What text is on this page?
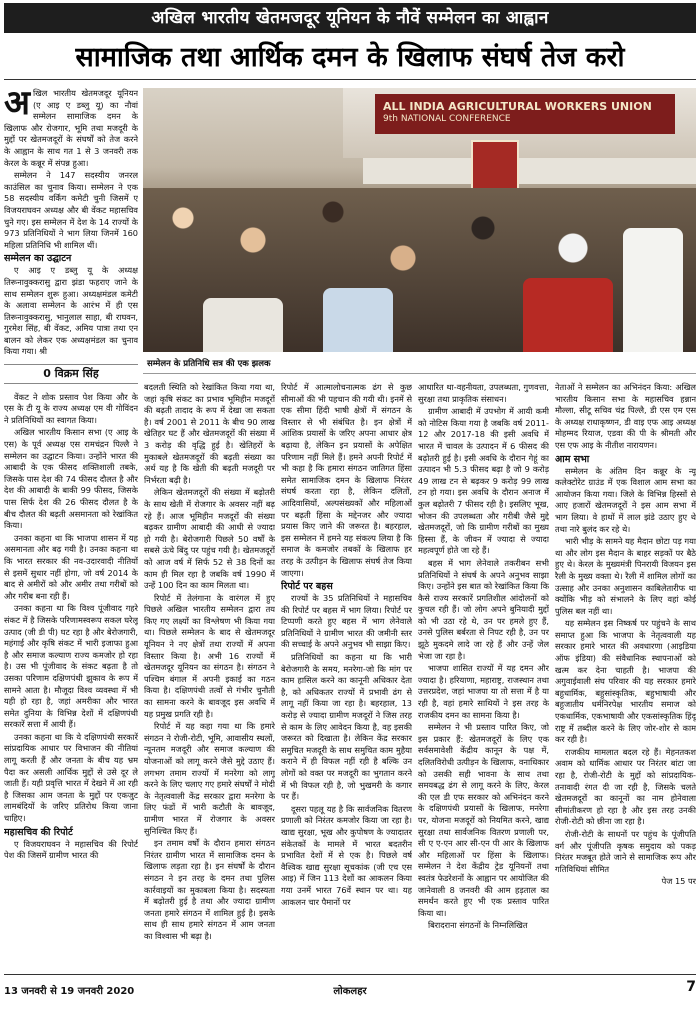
अखिल भारतीय खेतमजदूर यूनियन के नौवें सम्मेलन का आह्वान
सामाजिक तथा आर्थिक दमन के खिलाफ संघर्ष तेज करो

अखिल भारतीय खेतमजदूर यूनियन (ए आइ ए डब्लु यू) का नौवां सम्मेलन सामाजिक दमन के खिलाफ और रोजगार, भूमि तथा मजदूरी के मुद्दों पर खेतमजदूरों के संघर्षों को तेज करने के आह्वान के साथ गत 1 से 3 जनवरी तक केरल के कन्नूर में संपन्न हुआ।

सम्मेलन ने 147 सदस्यीय जनरल काउंसिल का चुनाव किया। सम्मेलन ने एक 58 सदस्यीय वर्किंग कमेटी चुनी जिसमें ए विजयराघवन अध्यक्ष और बी वेंकट महासचिव चुने गए। इस सम्मेलन में देश के 14 राज्यों के 973 प्रतिनिधियों ने भाग लिया जिनमें 160 महिला प्रतिनिधि भी शामिल थीं।

सम्मेलन का उद्घाटन

ए आइ ए डब्लु यू के अध्यक्ष तिरूनावुक्करासु द्वारा झंडा फहराए जाने के साथ सम्मेलन शुरू हुआ। अध्यक्षमंडल कमेटी के अलावा सम्मेलन के आरंभ में ही एस तिरूनावुक्करासु, भानुलाल साहा, बी राघवन, गुरमेश सिंह, बी वेंकट, अमिय पात्रा तथा एन बालन को लेकर एक अध्यक्षमंडल का चुनाव किया गया। श्री

0 विक्रम सिंह

वेंकट ने शोक प्रस्ताव पेश किया और के एस के टी यू के राज्य अध्यक्ष एम वी गोविंदन ने प्रतिनिधियों का स्वागत किया।

अखिल भारतीय किसान सभा (ए आइ के एस) के पूर्व अध्यक्ष एस रामचंद्रन पिल्लै ने सम्मेलन का उद्घाटन किया। उन्होंने भारत की आबादी के एक फीसद शक्तिशाली तबके, जिसके पास देश की 74 फीसद दौलत है और देश की आबादी के बाकी 99 फीसद, जिसके पास सिर्फ देश की 26 फीसद दौलत है के बीच दौलत की बढ़ती असमानता को रेखांकित किया।

उनका कहना था कि भाजपा शासन में यह असमानता और बढ़ गयी है। उनका कहना था कि भारत सरकार की नव-उदारवादी नीतियों से इसमें सुधार नहीं होगा, जो वर्ष 2014 के बाद से अमीरों को और अमीर तथा गरीबों को और गरीब बना रही हैं।

उनका कहना था कि विश्व पूंजीवाद गहरे संकट में है जिसके परिणामस्वरूप सकल घरेलू उत्पाद (जी डी पी) घट रहा है और बेरोजगारी, महंगाई और कृषि संकट में भारी इजाफा हुआ है और समाज कल्याण राज्य कमजोर हो रहा है। उस भी पूंजीवाद के संकट बढ़ता है तो उसका परिणाम दक्षिणपंथी झुकाव के रूप में सामने आता है। मौजूदा विश्व व्यवस्था में भी यही हो रहा है, जहां अमरीका और भारत समेत दुनिया के विभिन्न देशों में दक्षिणपंथी सरकारें सत्ता में आयी हैं।

उनका कहना था कि ये दक्षिणपंथी सरकारें सांप्रदायिक आधार पर विभाजन की नीतियां लागू करती हैं और जनता के बीच यह भ्रम पैदा कर असली आर्थिक मुद्दों से उसे दूर ले जाती हैं। यही प्रवृत्ति भारत में देखने में आ रही है जिसका आम जनता के मुद्दों पर एकजुट लामबंदियों के जरिए प्रतिरोध किया जाना चाहिए।

महासचिव की रिपोर्ट

ए विजयराघवन ने महासचिव की रिपोर्ट पेश की जिसमें ग्रामीण भारत की

ALL INDIA AGRICULTURAL WORKERS UNION
9th NATIONAL CONFERENCE
सम्मेलन के प्रतिनिधि सत्र की एक झलक

बदलती स्थिति को रेखांकित किया गया था, जहां कृषि संकट का प्रभाव भूमिहीन मजदूरों की बढ़ती तादाद के रूप में देखा जा सकता है। वर्ष 2001 से 2011 के बीच 90 लाख खेतिहर घट हैं और खेतमजदूरों की संख्या में 3 करोड़ की वृद्धि हुई है। खेतिहरों के मुकाबले खेतमजदूरों की बढ़ती संख्या का अर्थ यह है कि खेती की बढ़ती मजदूरी पर निर्भरता बढ़ी है।

लेकिन खेतमजदूरों की संख्या में बढ़ोतरी के साथ खेती में रोजगार के अवसर नहीं बढ़ रहे हैं। आज भूमिहीन मजदूरों की संख्या बढ़कर ग्रामीण आबादी की आधी से ज्यादा हो गयी है। बेरोजगारी पिछले 50 वर्षों के सबसे ऊंचे बिंदु पर पहुंच गयी है। खेतमजदूरों को आज वर्ष में सिर्फ 52 से 38 दिनों का काम ही मिल रहा है जबकि वर्ष 1990 में उन्हें 100 दिन का काम मिलता था।

रिपोर्ट में तेलंगाना के वारंगल में हुए पिछले अखिल भारतीय सम्मेलन द्वारा तय किए गए लक्ष्यों का विश्लेषण भी किया गया था। पिछले सम्मेलन के बाद से खेतमजदूर यूनियन ने नए क्षेत्रों तथा राज्यों में अपना विस्तार किया है। अभी 16 राज्यों में खेतमजदूर यूनियन का संगठन है। संगठन ने पश्चिम बंगाल में अपनी इकाई का गठन किया है। दक्षिणपंथी तत्वों से गंभीर चुनौती का सामना करने के बावजूद इस अवधि में यह प्रमुख प्रगति रही है।

रिपोर्ट में यह कहा गया था कि हमारे संगठन ने रोजी-रोटी, भूमि, आवासीय स्थलों, न्यूनतम मजदूरी और समाज कल्याण की योजनाओं को लागू करने जैसे मुद्दे उठाए हैं। लगभग तमाम राज्यों में मनरेगा को लागू करने के लिए चलाए गए हमारे संघर्षों ने मोदी के नेतृत्ववाली केंद्र सरकार द्वारा मनरेगा के लिए फंडों में भारी कटौती के बावजूद, ग्रामीण भारत में रोजगार के अवसर सुनिश्चित किए हैं।

इन तमाम वर्षों के दौरान हमारा संगठन निरंतर ग्रामीण भारत में सामाजिक दमन के खिलाफ लड़ता रहा है। इन संघर्षों के दौरान संगठन ने इन तरह के दमन तथा पुलिस कार्रवाइयों का मुकाबला किया है। सदस्यता में बढ़ोतरी हुई है तथा और ज्यादा ग्रामीण जनता हमारे संगठन में शामिल हुई है। इसके साथ ही साथ हमारे संगठन में आम जनता का विश्वास भी बढ़ा है।

रिपोर्ट में आत्मालोचनात्मक ढंग से कुछ सीमाओं की भी पहचान की गयी थी। इनमें से एक सीमा हिंदी भाषी क्षेत्रों में संगठन के विस्तार से भी संबंधित है। इन क्षेत्रों में आंशिक प्रयासों के जरिए अपना आधार क्षेत्र बढ़ाया है, लेकिन इन प्रयासों के अपेक्षित परिणाम नहीं मिले हैं। हमने अपनी रिपोर्ट में भी कहा है कि हमारा संगठन जातिगत हिंसा समेत सामाजिक दमन के खिलाफ निरंतर संघर्ष करता रहा है, लेकिन दलितों, आदिवासियों, अल्पसंख्यकों और महिलाओं पर बढ़ती हिंसा के मद्देनजर और ज्यादा प्रयास किए जाने की जरूरत है। बहरहाल, इस सम्मेलन में हमने यह संकल्प लिया है कि समाज के कमजोर तबकों के खिलाफ हर तरह के उत्पीड़न के खिलाफ संघर्ष तेज किया जाएगा।

रिपोर्ट पर बहस

राज्यों के 35 प्रतिनिधियों ने महासचिव की रिपोर्ट पर बहस में भाग लिया। रिपोर्ट पर टिप्पणी करते हुए बहस में भाग लेनेवाले प्रतिनिधियों ने ग्रामीण भारत की जमीनी स्तर की सच्चाई के अपने अनुभव भी साझा किए।

प्रतिनिधियों का कहना था कि भारी बेरोजगारी के समय, मनरेगा-जो कि मांग पर काम हासिल करने का कानूनी अधिकार देता है, को अधिकतर राज्यों में प्रभावी ढंग से लागू नहीं किया जा रहा है। बहरहाल, 13 करोड़ से ज्यादा ग्रामीण मजदूरों ने जिस तरह से काम के लिए आवेदन किया है, वह इसकी जरूरत को दिखाता है। लेकिन केंद्र सरकार समुचित मजदूरी के साथ समुचित काम मुहैया कराने में ही विफल नहीं रही है बल्कि उन लोगों को वक्त पर मजदूरी का भुगतान करने में भी विफल रही है, जो भुखमरी के कगार पर हैं।

दूसरा पहलू यह है कि सार्वजनिक वितरण प्रणाली को निरंतर कमजोर किया जा रहा है। खाद्य सुरक्षा, भूख और कुपोषण के ज्यादातर संकेतकों के मामले में भारत बदतरीन प्रभावित देशों में से एक है। पिछले वर्ष वैश्विक खाद्य सुरक्षा सूचकांक (जी एच एस आइ) में जिन 113 देशों का आकलन किया गया उनमें भारत 76वें स्थान पर था। यह आकलन चार पैमानों पर

आधारित था-वहनीयता, उपलब्धता, गुणवत्ता, सुरक्षा तथा प्राकृतिक संसाधन।

ग्रामीण आबादी में उपभोग में आयी कमी को नोटिस किया गया है जबकि वर्ष 2011-12 और 2017-18 की इसी अवधि में भारत में चावल के उत्पादन में 6 फीसद की बढ़ोतरी हुई है। इसी अवधि के दौरान गेहूं का उत्पादन भी 5.3 फीसद बढ़ा है जो 9 करोड़ 49 लाख टन से बढ़कर 9 करोड़ 99 लाख टन हो गया। इस अवधि के दौरान अनाज में कुल बढ़ोतरी 7 फीसद रही है। इसलिए भूख, भोजन की उपलब्धता और गरीबी जैसे मुद्दे खेतमजदूरों, जो कि ग्रामीण गरीबों का मुख्य हिस्सा हैं, के जीवन में ज्यादा से ज्यादा महत्वपूर्ण होते जा रहे हैं।

बहस में भाग लेनेवाले तकरीबन सभी प्रतिनिधियों ने संघर्ष के अपने अनुभव साझा किए। उन्होंने इस बात को रेखांकित किया कि कैसे राज्य सरकारें प्रगतिशील आंदोलनों को कुचल रही हैं। जो लोग अपने बुनियादी मुद्दों को भी उठा रहे थे, उन पर हमले हुए हैं, उनसे पुलिस बर्बरता से निपट रही है, उन पर झूठे मुकदमे लादे जा रहे हैं और उन्हें जेल भेजा जा रहा है।

भाजपा शासित राज्यों में यह दमन और ज्यादा है। हरियाणा, महाराष्ट्र, राजस्थान तथा उत्तरप्रदेश, जहां भाजपा या तो सत्ता में है या रही है, वहां हमारे साथियों ने इस तरह के राजकीय दमन का सामना किया है।

सम्मेलन ने भी प्रस्ताव पारित किए, जो इस प्रकार हैं: खेतमजदूरों के लिए एक सर्वसमावेशी केंद्रीय कानून के पक्ष में, दलितविरोधी उत्पीड़न के खिलाफ, वनाधिकार को उसकी सही भावना के साथ तथा समयबद्ध ढंग से लागू करने के लिए, केरल की एल डी एफ सरकार को अभिनंदन करने के दक्षिणपंथी प्रयासों के खिलाफ, मनरेगा पर, योजना मजदूरों को नियमित करने, खाद्य सुरक्षा तथा सार्वजनिक वितरण प्रणाली पर, सी ए ए-एन आर सी-एन पी आर के खिलाफ और महिलाओं पर हिंसा के खिलाफ। सम्मेलन ने देश केंद्रीय ट्रेड यूनियनों तथा स्वतंत्र फेडरेशनों के आह्वान पर आयोजित की जानेवाली 8 जनवरी की आम हड़ताल का समर्थन करते हुए भी एक प्रस्ताव पारित किया था।

बिरादराना संगठनों के निम्नलिखित

नेताओं ने सम्मेलन का अभिनंदन किया: अखिल भारतीय किसान सभा के महासचिव हन्नान मौल्ला, सीटू सचिव चंद्र पिल्लै, डी एस एम एस के अध्यक्ष राधाकृष्णन, डी वाइ एफ आइ अध्यक्ष मोहम्मद रियाज, एडवा की पी के श्रीमती और एस एफ आइ के नीतीश नारायणन।

आम सभा

सम्मेलन के अंतिम दिन कन्नूर के न्यू कलेक्टोरेट ग्राउंड में एक विशाल आम सभा का आयोजन किया गया। जिले के विभिन्न हिस्सों से आए हजारों खेतमजदूरों ने इस आम सभा में भाग लिया। वे हाथों में लाल झंडे उठाए हुए थे तथा नारे बुलंद कर रहे थे।

भारी भीड़ के सामने यह मैदान छोटा पड़ गया था और लोग इस मैदान के बाहर सड़कों पर बैठे हुए थे। केरल के मुख्यमंत्री पिनरायी विजयन इस रैली के मुख्य वक्ता थे। रैली में शामिल लोगों का उत्साह और उनका अनुशासन काबिलेतारीफ था क्योंकि भीड़ को संभालने के लिए वहां कोई पुलिस बल नहीं था।

यह सम्मेलन इस निष्कर्ष पर पहुंचने के साथ समाप्त हुआ कि भाजपा के नेतृत्ववाली यह सरकार हमारे भारत की अवधारणा (आइडिया ऑफ इंडिया) की संवैधानिक स्थापनाओं को खत्म कर देना चाहती है। भाजपा की अगुवाईवाली संघ परिवार की यह सरकार हमारे बहुधार्मिक, बहुसांस्कृतिक, बहुभाषायी और बहुजातीय धर्मनिरपेक्ष भारतीय समाज को एकधार्मिक, एकभाषायी और एकसांस्कृतिक हिंदू राष्ट्र में तब्दील करने के लिए जोर-शोर से काम कर रही है।

राजकीय मामलात बदल रहे हैं। मेहनतकश अवाम को धार्मिक आधार पर निरंतर बांटा जा रहा है, रोजी-रोटी के मुद्दों को सांप्रदायिक-तनावादी रंगत दी जा रही है, जिसके चलते खेतमजदूरों का कानूनों का नाम होनेवाला सीमांतीकरण हो रहा है और इस तरह उनकी रोजी-रोटी को छीना जा रहा है।

रोजी-रोटी के साधनों पर पहुंच के पूंजीपति वर्ग और पूंजीपति कृषक समुदाय को पकड़ निरंतर मजबूत होते जाने से सामाजिक रूप और गतिविधियां सीमित

पेज 15 पर
13 जनवरी से 19 जनवरी 2020	लोकलहर	7
